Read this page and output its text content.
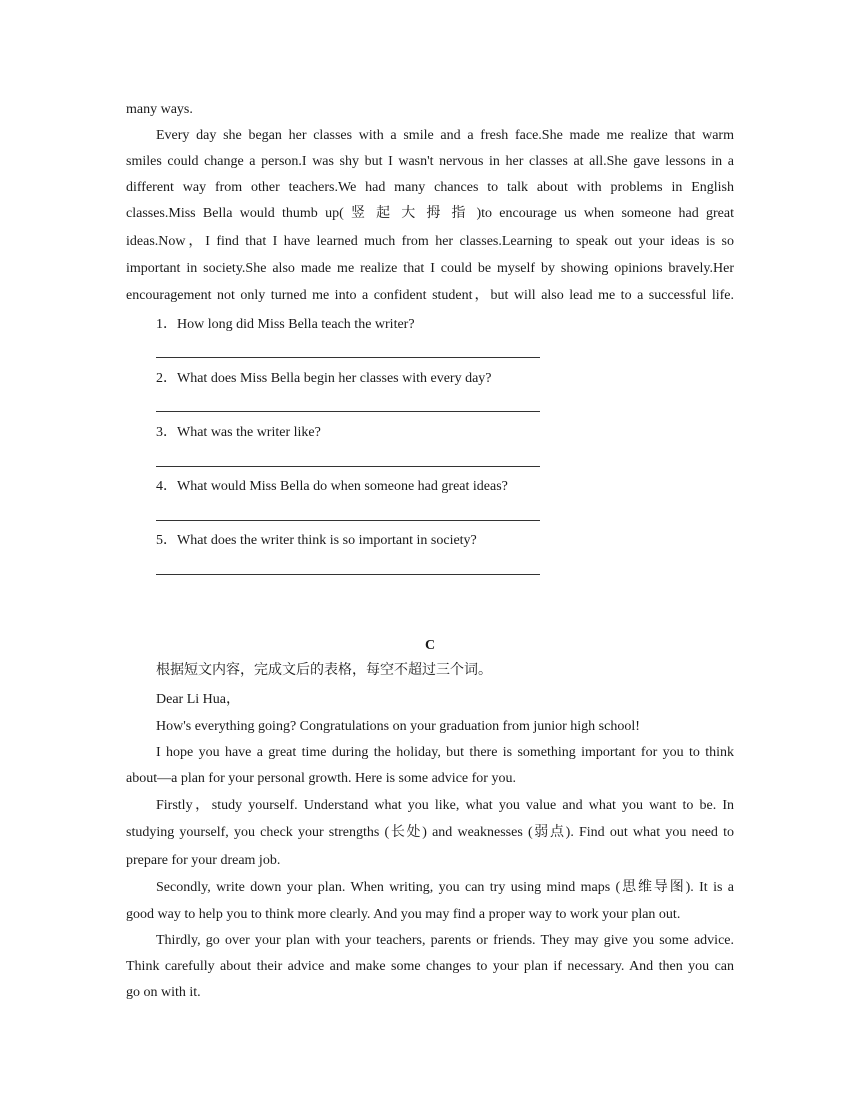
many ways.
Every day she began her classes with a smile and a fresh face.She made me realize that warm
smiles could change a person.I was shy but I wasn't nervous in her classes at all.She gave lessons in a
different way from other teachers.We had many chances to talk about with problems in English
classes.Miss Bella would thumb up( 竖 起 大 拇 指 )to encourage us when someone had great
ideas.Now，I find that I have learned much from her classes.Learning to speak out your ideas is so
important in society.She also made me realize that I could be myself by showing opinions bravely.Her
encouragement not only turned me into a confident student，but will also lead me to a successful life.
1．How long did Miss Bella teach the writer?
2．What does Miss Bella begin her classes with every day?
3．What was the writer like?
4．What would Miss Bella do when someone had great ideas?
5．What does the writer think is so important in society?
C
根据短文内容，完成文后的表格，每空不超过三个词。
Dear Li Hua，
How's everything going? Congratulations on your graduation from junior high school!
I hope you have a great time during the holiday, but there is something important for you to think
about—a plan for your personal growth. Here is some advice for you.
Firstly，study yourself. Understand what you like, what you value and what you want to be. In
studying yourself, you check your strengths (长处) and weaknesses (弱点). Find out what you need to
prepare for your dream job.
Secondly, write down your plan. When writing, you can try using mind maps (思维导图). It is a
good way to help you to think more clearly. And you may find a proper way to work your plan out.
Thirdly, go over your plan with your teachers, parents or friends. They may give you some advice.
Think carefully about their advice and make some changes to your plan if necessary. And then you can
go on with it.
